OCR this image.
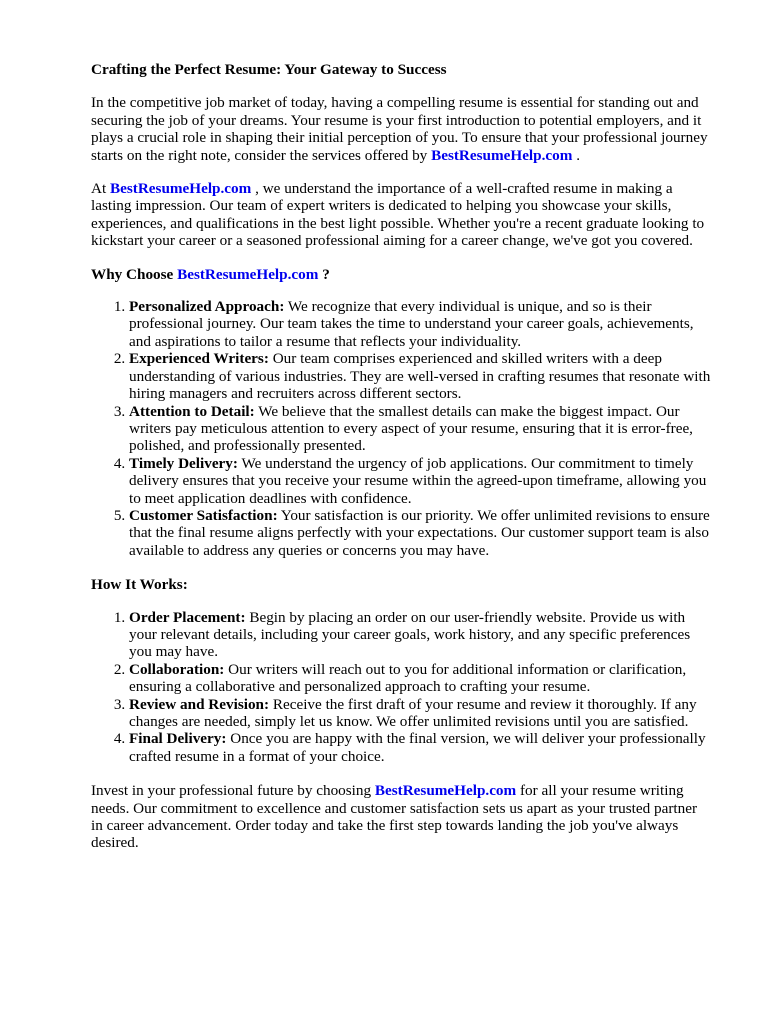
Crafting the Perfect Resume: Your Gateway to Success

In the competitive job market of today, having a compelling resume is essential for standing out and securing the job of your dreams. Your resume is your first introduction to potential employers, and it plays a crucial role in shaping their initial perception of you. To ensure that your professional journey starts on the right note, consider the services offered by BestResumeHelp.com .

At BestResumeHelp.com , we understand the importance of a well-crafted resume in making a lasting impression. Our team of expert writers is dedicated to helping you showcase your skills, experiences, and qualifications in the best light possible. Whether you're a recent graduate looking to kickstart your career or a seasoned professional aiming for a career change, we've got you covered.

Why Choose BestResumeHelp.com ?
1. Personalized Approach: We recognize that every individual is unique, and so is their professional journey. Our team takes the time to understand your career goals, achievements, and aspirations to tailor a resume that reflects your individuality.
2. Experienced Writers: Our team comprises experienced and skilled writers with a deep understanding of various industries. They are well-versed in crafting resumes that resonate with hiring managers and recruiters across different sectors.
3. Attention to Detail: We believe that the smallest details can make the biggest impact. Our writers pay meticulous attention to every aspect of your resume, ensuring that it is error-free, polished, and professionally presented.
4. Timely Delivery: We understand the urgency of job applications. Our commitment to timely delivery ensures that you receive your resume within the agreed-upon timeframe, allowing you to meet application deadlines with confidence.
5. Customer Satisfaction: Your satisfaction is our priority. We offer unlimited revisions to ensure that the final resume aligns perfectly with your expectations. Our customer support team is also available to address any queries or concerns you may have.
How It Works:
1. Order Placement: Begin by placing an order on our user-friendly website. Provide us with your relevant details, including your career goals, work history, and any specific preferences you may have.
2. Collaboration: Our writers will reach out to you for additional information or clarification, ensuring a collaborative and personalized approach to crafting your resume.
3. Review and Revision: Receive the first draft of your resume and review it thoroughly. If any changes are needed, simply let us know. We offer unlimited revisions until you are satisfied.
4. Final Delivery: Once you are happy with the final version, we will deliver your professionally crafted resume in a format of your choice.

Invest in your professional future by choosing BestResumeHelp.com for all your resume writing needs. Our commitment to excellence and customer satisfaction sets us apart as your trusted partner in career advancement. Order today and take the first step towards landing the job you've always desired.
